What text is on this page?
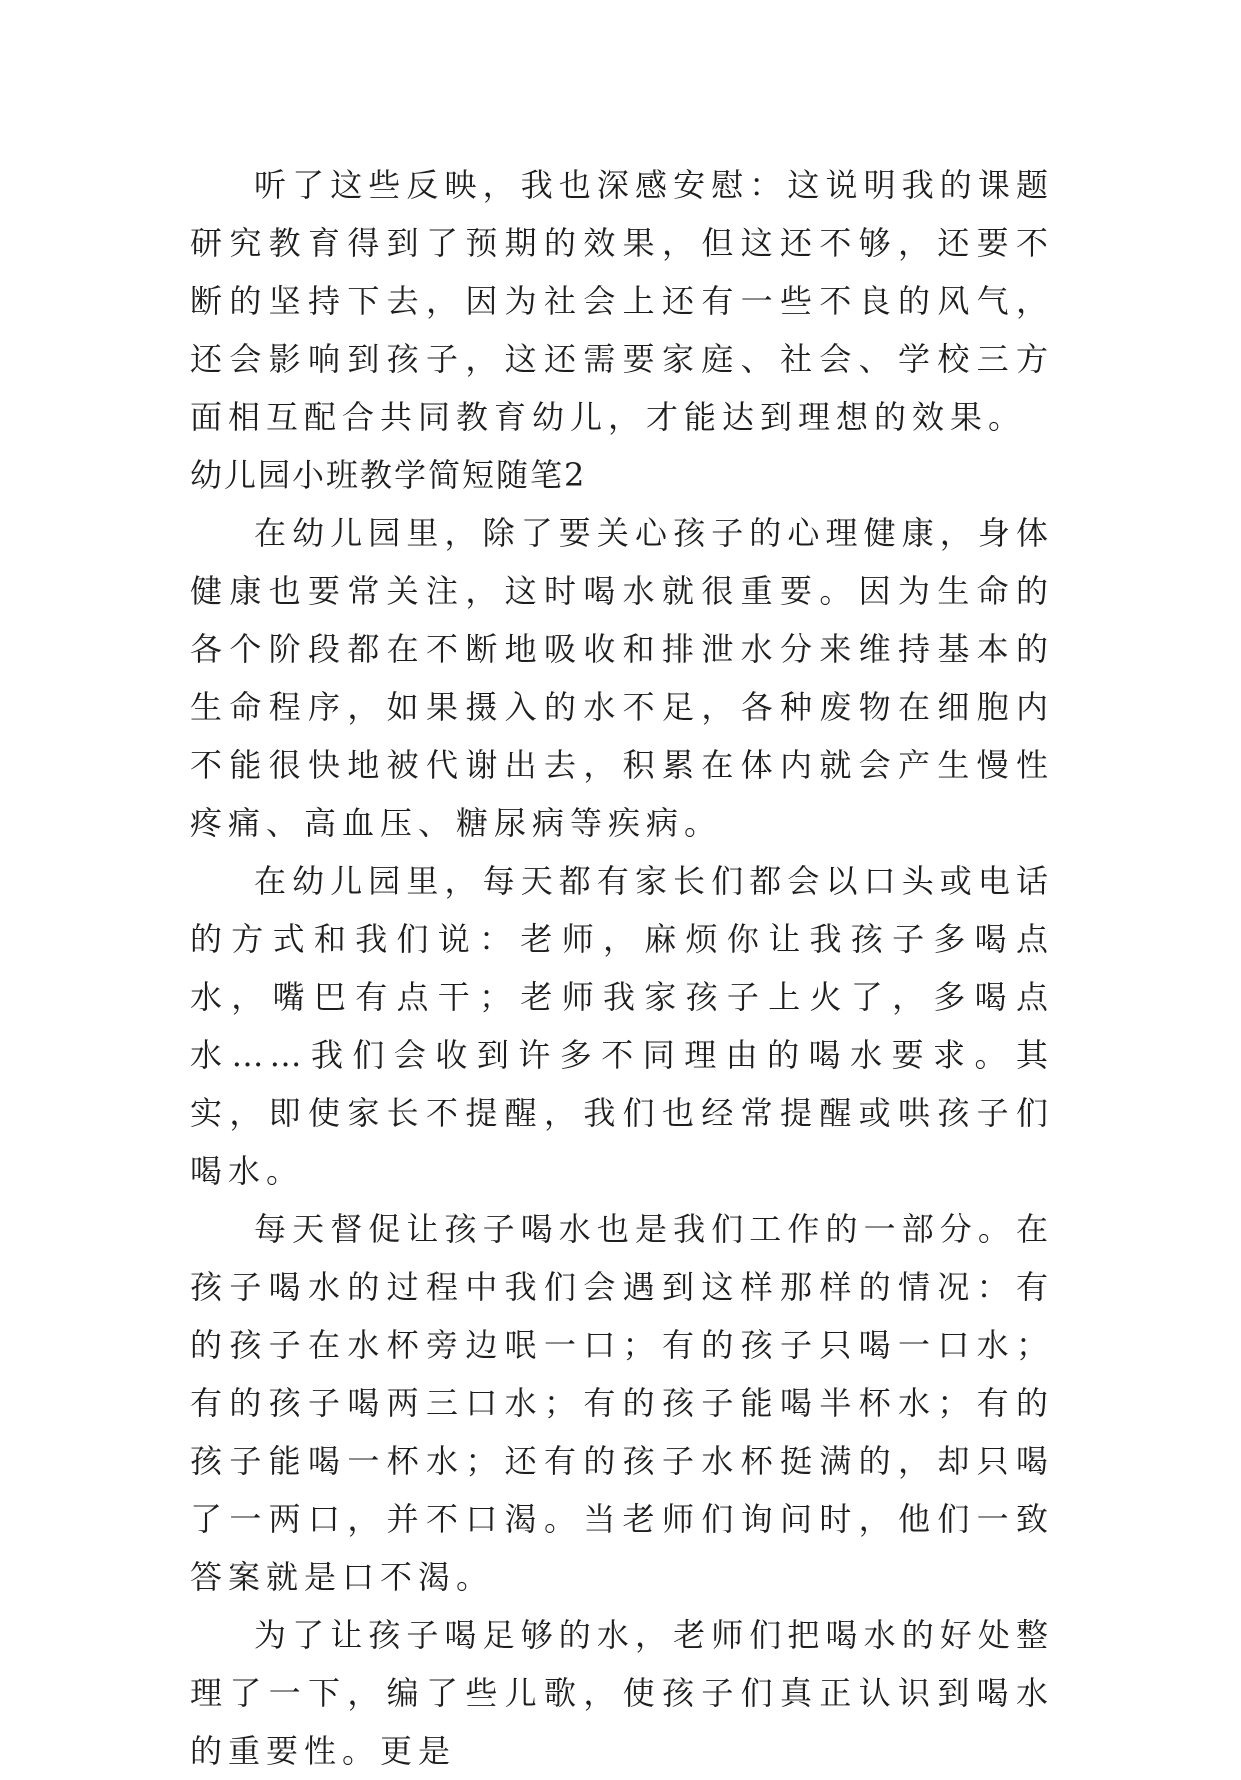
听了这些反映，我也深感安慰：这说明我的课题研究教育得到了预期的效果，但这还不够，还要不断的坚持下去，因为社会上还有一些不良的风气，还会影响到孩子，这还需要家庭、社会、学校三方面相互配合共同教育幼儿，才能达到理想的效果。

幼儿园小班教学简短随笔2

在幼儿园里，除了要关心孩子的心理健康，身体健康也要常关注，这时喝水就很重要。因为生命的各个阶段都在不断地吸收和排泄水分来维持基本的生命程序，如果摄入的水不足，各种废物在细胞内不能很快地被代谢出去，积累在体内就会产生慢性疼痛、高血压、糖尿病等疾病。

在幼儿园里，每天都有家长们都会以口头或电话的方式和我们说：老师，麻烦你让我孩子多喝点水，嘴巴有点干；老师我家孩子上火了，多喝点水……我们会收到许多不同理由的喝水要求。其实，即使家长不提醒，我们也经常提醒或哄孩子们喝水。

每天督促让孩子喝水也是我们工作的一部分。在孩子喝水的过程中我们会遇到这样那样的情况：有的孩子在水杯旁边呡一口；有的孩子只喝一口水；有的孩子喝两三口水；有的孩子能喝半杯水；有的孩子能喝一杯水；还有的孩子水杯挺满的，却只喝了一两口，并不口渴。当老师们询问时，他们一致答案就是口不渴。

为了让孩子喝足够的水，老师们把喝水的好处整理了一下，编了些儿歌，使孩子们真正认识到喝水的重要性。更是
